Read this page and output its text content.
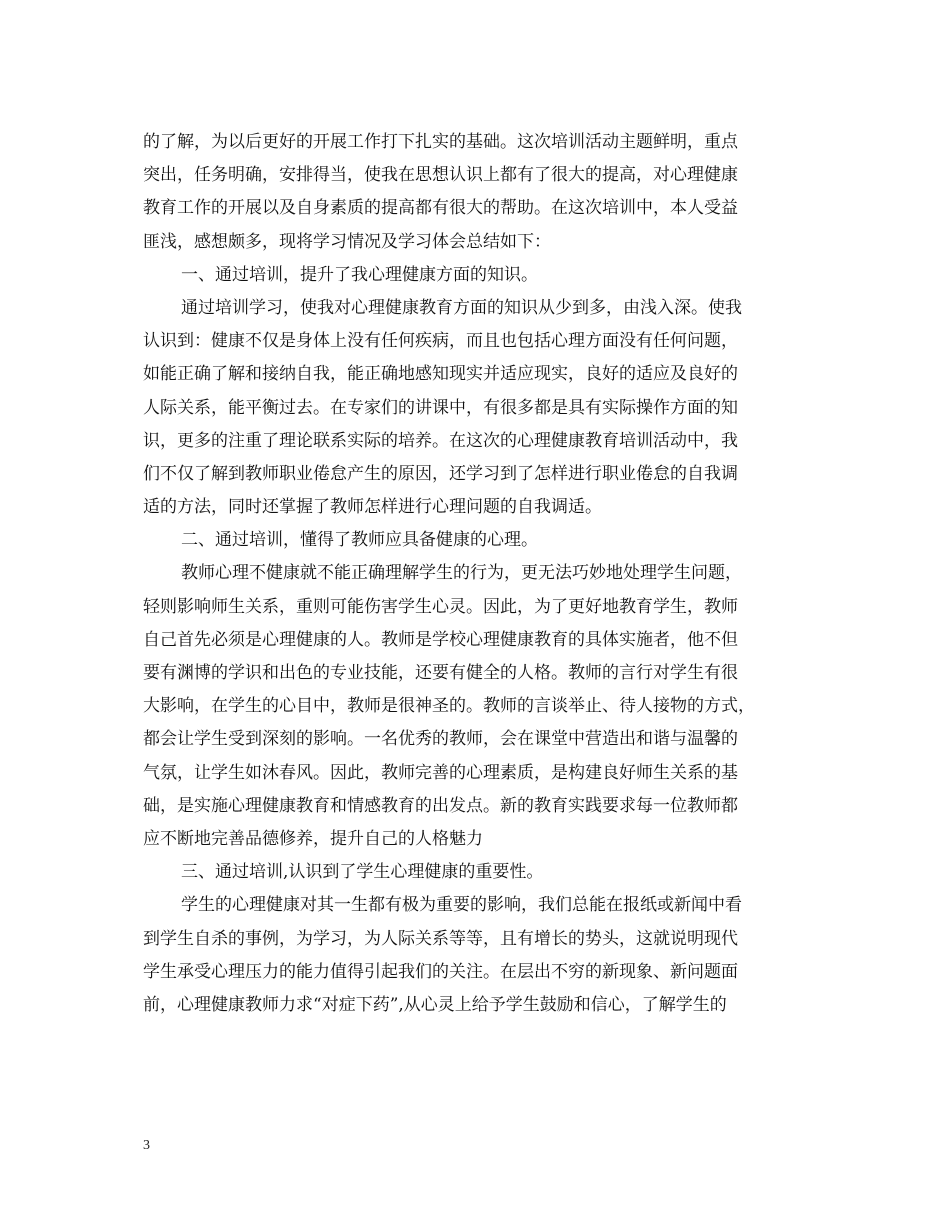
的了解，为以后更好的开展工作打下扎实的基础。这次培训活动主题鲜明，重点
突出，任务明确，安排得当，使我在思想认识上都有了很大的提高，对心理健康
教育工作的开展以及自身素质的提高都有很大的帮助。在这次培训中，本人受益
匪浅，感想颇多，现将学习情况及学习体会总结如下：
一、通过培训，提升了我心理健康方面的知识。
通过培训学习，使我对心理健康教育方面的知识从少到多，由浅入深。使我
认识到：健康不仅是身体上没有任何疾病，而且也包括心理方面没有任何问题，
如能正确了解和接纳自我，能正确地感知现实并适应现实，良好的适应及良好的
人际关系，能平衡过去。在专家们的讲课中，有很多都是具有实际操作方面的知
识，更多的注重了理论联系实际的培养。在这次的心理健康教育培训活动中，我
们不仅了解到教师职业倦怠产生的原因，还学习到了怎样进行职业倦怠的自我调
适的方法，同时还掌握了教师怎样进行心理问题的自我调适。
二、通过培训，懂得了教师应具备健康的心理。
教师心理不健康就不能正确理解学生的行为，更无法巧妙地处理学生问题，
轻则影响师生关系，重则可能伤害学生心灵。因此，为了更好地教育学生，教师
自己首先必须是心理健康的人。教师是学校心理健康教育的具体实施者，他不但
要有渊博的学识和出色的专业技能，还要有健全的人格。教师的言行对学生有很
大影响，在学生的心目中，教师是很神圣的。教师的言谈举止、待人接物的方式，
都会让学生受到深刻的影响。一名优秀的教师，会在课堂中营造出和谐与温馨的
气氛，让学生如沐春风。因此，教师完善的心理素质，是构建良好师生关系的基
础，是实施心理健康教育和情感教育的出发点。新的教育实践要求每一位教师都
应不断地完善品德修养，提升自己的人格魅力
三、通过培训,认识到了学生心理健康的重要性。
学生的心理健康对其一生都有极为重要的影响，我们总能在报纸或新闻中看
到学生自杀的事例，为学习，为人际关系等等，且有增长的势头，这就说明现代
学生承受心理压力的能力值得引起我们的关注。在层出不穷的新现象、新问题面
前，心理健康教师力求“对症下药”,从心灵上给予学生鼓励和信心，了解学生的
3
